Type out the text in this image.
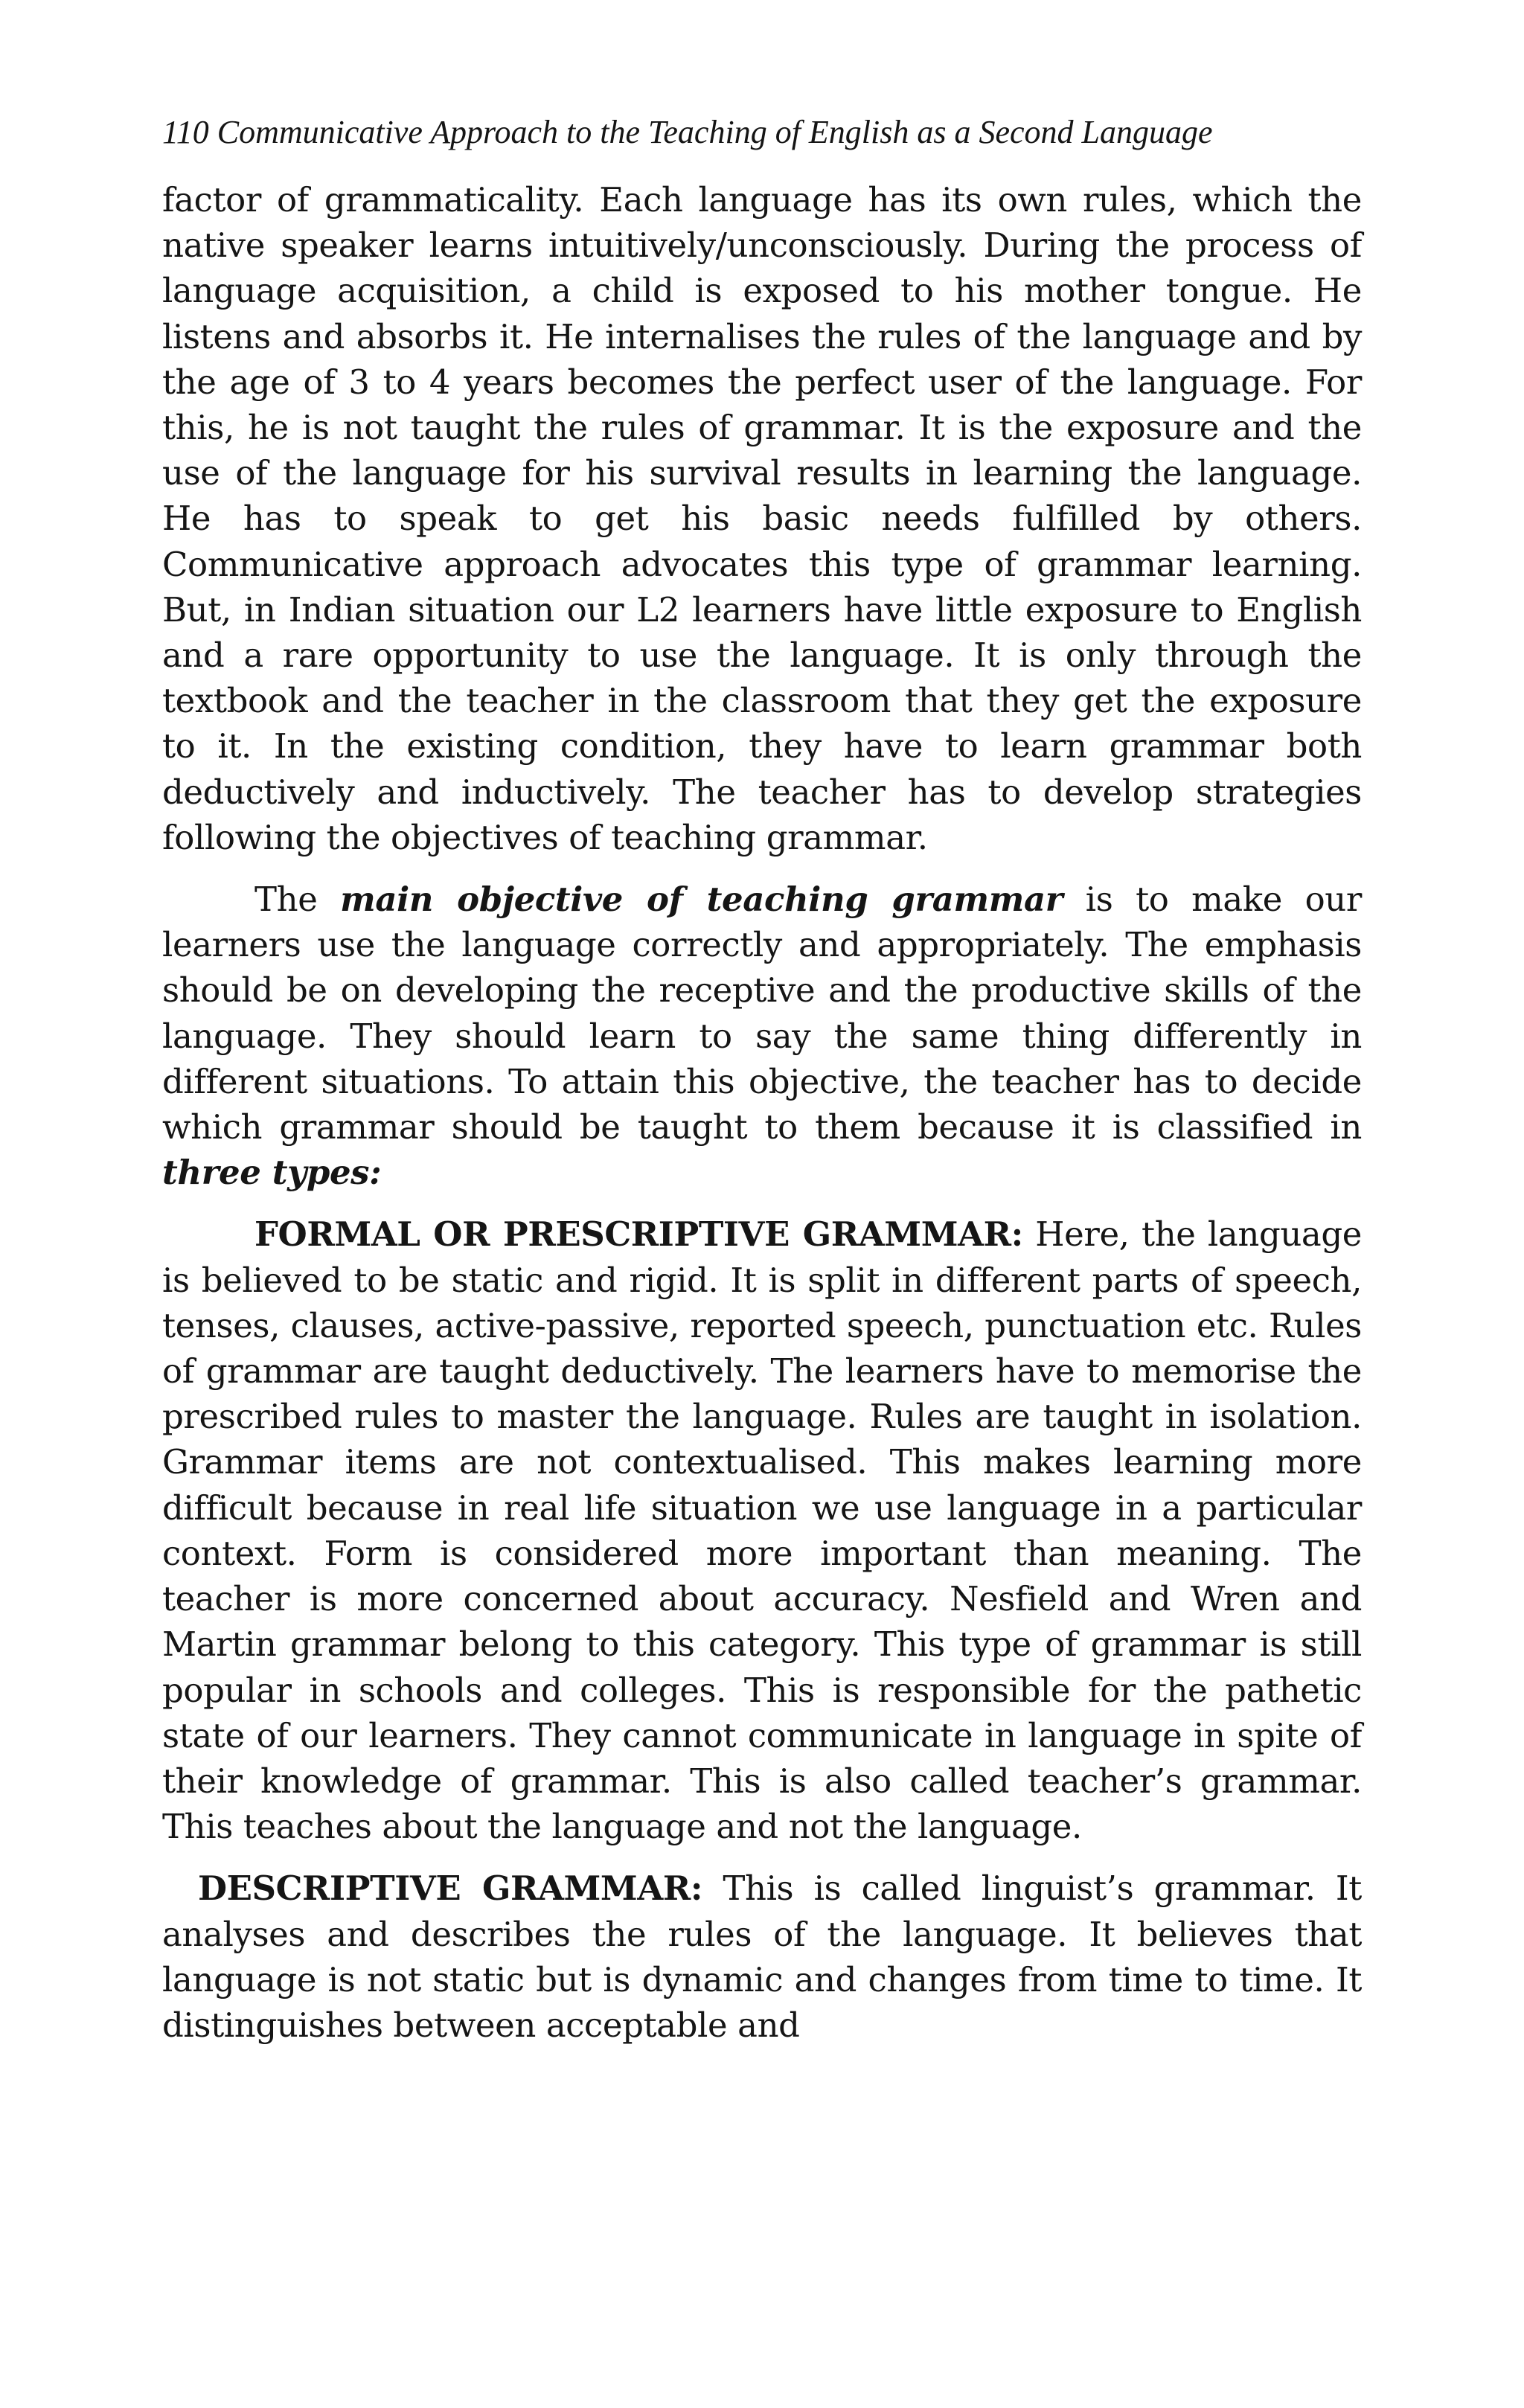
110 Communicative Approach to the Teaching of English as a Second Language

factor of grammaticality. Each language has its own rules, which the native speaker learns intuitively/unconsciously. During the process of language acquisition, a child is exposed to his mother tongue. He listens and absorbs it. He internalises the rules of the language and by the age of 3 to 4 years becomes the perfect user of the language. For this, he is not taught the rules of grammar. It is the exposure and the use of the language for his survival results in learning the language. He has to speak to get his basic needs fulfilled by others. Communicative approach advocates this type of grammar learning. But, in Indian situation our L2 learners have little exposure to English and a rare opportunity to use the language. It is only through the textbook and the teacher in the classroom that they get the exposure to it. In the existing condition, they have to learn grammar both deductively and inductively. The teacher has to develop strategies following the objectives of teaching grammar.

The main objective of teaching grammar is to make our learners use the language correctly and appropriately. The emphasis should be on developing the receptive and the productive skills of the language. They should learn to say the same thing differently in different situations. To attain this objective, the teacher has to decide which grammar should be taught to them because it is classified in three types:

FORMAL OR PRESCRIPTIVE GRAMMAR: Here, the language is believed to be static and rigid. It is split in different parts of speech, tenses, clauses, active-passive, reported speech, punctuation etc. Rules of grammar are taught deductively. The learners have to memorise the prescribed rules to master the language. Rules are taught in isolation. Grammar items are not contextualised. This makes learning more difficult because in real life situation we use language in a particular context. Form is considered more important than meaning. The teacher is more concerned about accuracy. Nesfield and Wren and Martin grammar belong to this category. This type of grammar is still popular in schools and colleges. This is responsible for the pathetic state of our learners. They cannot communicate in language in spite of their knowledge of grammar. This is also called teacher’s grammar. This teaches about the language and not the language.

DESCRIPTIVE GRAMMAR: This is called linguist’s grammar. It analyses and describes the rules of the language. It believes that language is not static but is dynamic and changes from time to time. It distinguishes between acceptable and
